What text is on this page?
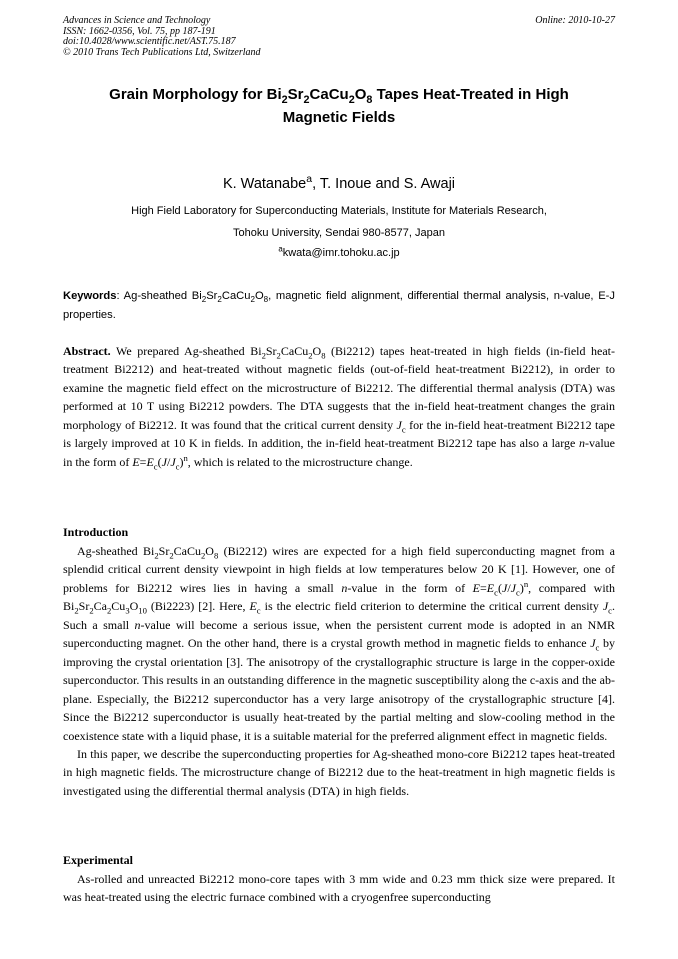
Advances in Science and Technology
ISSN: 1662-0356, Vol. 75, pp 187-191
doi:10.4028/www.scientific.net/AST.75.187
© 2010 Trans Tech Publications Ltd, Switzerland
Online: 2010-10-27
Grain Morphology for $Bi_2Sr_2CaCu_2O_8$ Tapes Heat-Treated in High
Magnetic Fields
K. Watanabe$^a$, T. Inoue and S. Awaji
High Field Laboratory for Superconducting Materials, Institute for Materials Research,
Tohoku University, Sendai 980-8577, Japan
$^a$kwata@imr.tohoku.ac.jp
Keywords: Ag-sheathed $Bi_2Sr_2CaCu_2O_8$, magnetic field alignment, differential thermal analysis, n-value, E-J properties.
Abstract. We prepared Ag-sheathed $Bi_2Sr_2CaCu_2O_8$ (Bi2212) tapes heat-treated in high fields (in-field heat-treatment Bi2212) and heat-treated without magnetic fields (out-of-field heat-treatment Bi2212), in order to examine the magnetic field effect on the microstructure of Bi2212. The differential thermal analysis (DTA) was performed at 10 T using Bi2212 powders. The DTA suggests that the in-field heat-treatment changes the grain morphology of Bi2212. It was found that the critical current density $J_c$ for the in-field heat-treatment Bi2212 tape is largely improved at 10 K in fields. In addition, the in-field heat-treatment Bi2212 tape has also a large n-value in the form of $E=E_c(J/J_c)^n$, which is related to the microstructure change.
Introduction

Ag-sheathed $Bi_2Sr_2CaCu_2O_8$ (Bi2212) wires are expected for a high field superconducting magnet from a splendid critical current density viewpoint in high fields at low temperatures below 20 K [1]. However, one of problems for Bi2212 wires lies in having a small n-value in the form of $E=E_c(J/J_c)^n$, compared with $Bi_2Sr_2Ca_2Cu_3O_{10}$ (Bi2223) [2]. Here, $E_c$ is the electric field criterion to determine the critical current density $J_c$. Such a small n-value will become a serious issue, when the persistent current mode is adopted in an NMR superconducting magnet. On the other hand, there is a crystal growth method in magnetic fields to enhance $J_c$ by improving the crystal orientation [3]. The anisotropy of the crystallographic structure is large in the copper-oxide superconductor. This results in an outstanding difference in the magnetic susceptibility along the c-axis and the ab-plane. Especially, the Bi2212 superconductor has a very large anisotropy of the crystallographic structure [4]. Since the Bi2212 superconductor is usually heat-treated by the partial melting and slow-cooling method in the coexistence state with a liquid phase, it is a suitable material for the preferred alignment effect in magnetic fields.

In this paper, we describe the superconducting properties for Ag-sheathed mono-core Bi2212 tapes heat-treated in high magnetic fields. The microstructure change of Bi2212 due to the heat-treatment in high magnetic fields is investigated using the differential thermal analysis (DTA) in high fields.

Experimental

As-rolled and unreacted Bi2212 mono-core tapes with 3 mm wide and 0.23 mm thick size were prepared. It was heat-treated using the electric furnace combined with a cryogenfree superconducting
